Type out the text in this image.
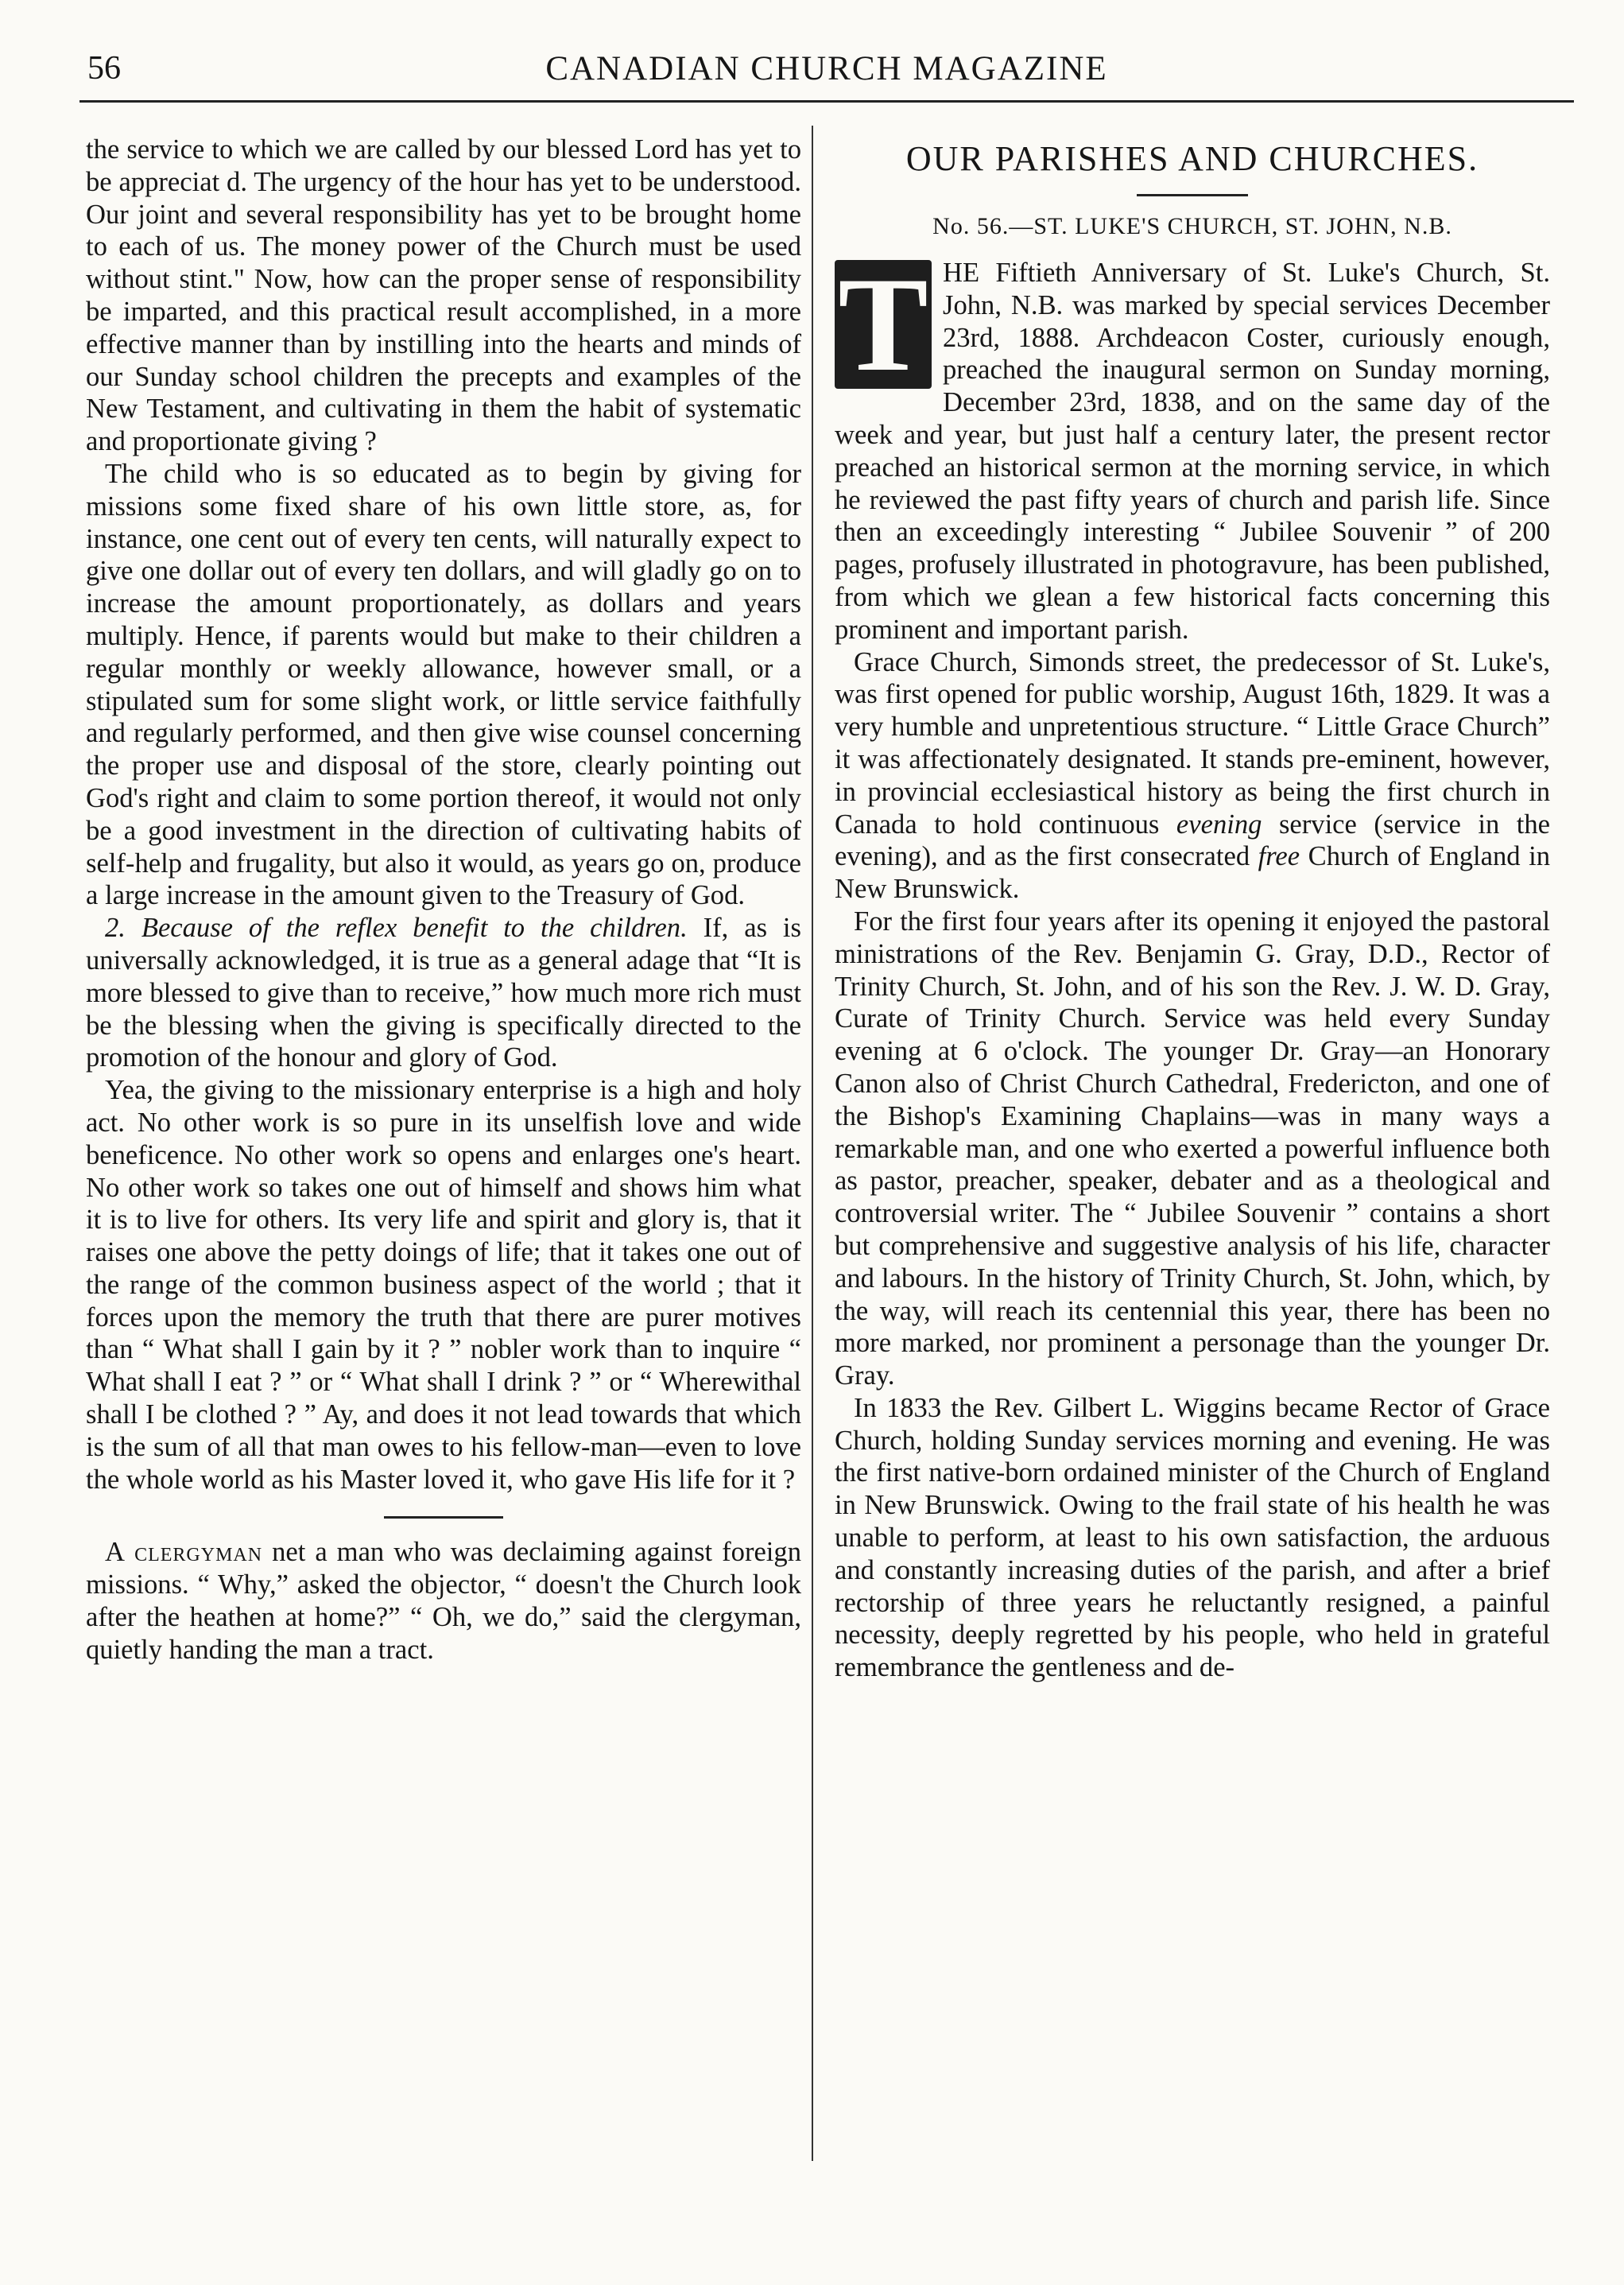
56	CANADIAN CHURCH MAGAZINE

the service to which we are called by our blessed Lord has yet to be appreciat d. The urgency of the hour has yet to be understood. Our joint and several responsibility has yet to be brought home to each of us. The money power of the Church must be used without stint." Now, how can the proper sense of responsibility be imparted, and this practical result accomplished, in a more effective manner than by instilling into the hearts and minds of our Sunday school children the precepts and examples of the New Testament, and cultivating in them the habit of systematic and proportionate giving ?

The child who is so educated as to begin by giving for missions some fixed share of his own little store, as, for instance, one cent out of every ten cents, will naturally expect to give one dollar out of every ten dollars, and will gladly go on to increase the amount proportionately, as dollars and years multiply. Hence, if parents would but make to their children a regular monthly or weekly allowance, however small, or a stipulated sum for some slight work, or little service faithfully and regularly performed, and then give wise counsel concerning the proper use and disposal of the store, clearly pointing out God's right and claim to some portion thereof, it would not only be a good investment in the direction of cultivating habits of self-help and frugality, but also it would, as years go on, produce a large increase in the amount given to the Treasury of God.

2. Because of the reflex benefit to the children. If, as is universally acknowledged, it is true as a general adage that “It is more blessed to give than to receive,” how much more rich must be the blessing when the giving is specifically directed to the promotion of the honour and glory of God.

Yea, the giving to the missionary enterprise is a high and holy act. No other work is so pure in its unselfish love and wide beneficence. No other work so opens and enlarges one's heart. No other work so takes one out of himself and shows him what it is to live for others. Its very life and spirit and glory is, that it raises one above the petty doings of life; that it takes one out of the range of the common business aspect of the world ; that it forces upon the memory the truth that there are purer motives than “ What shall I gain by it ? ” nobler work than to inquire “ What shall I eat ? ” or “ What shall I drink ? ” or “ Wherewithal shall I be clothed ? ” Ay, and does it not lead towards that which is the sum of all that man owes to his fellow-man—even to love the whole world as his Master loved it, who gave His life for it ?

A clergyman net a man who was declaiming against foreign missions. “ Why,” asked the objector, “ doesn't the Church look after the heathen at home?” “ Oh, we do,” said the clergyman, quietly handing the man a tract.

OUR PARISHES AND CHURCHES.
No. 56.—ST. LUKE'S CHURCH, ST. JOHN, N.B.

T HE Fiftieth Anniversary of St. Luke's Church, St. John, N.B. was marked by special services December 23rd, 1888. Archdeacon Coster, curiously enough, preached the inaugural sermon on Sunday morning, December 23rd, 1838, and on the same day of the week and year, but just half a century later, the present rector preached an historical sermon at the morning service, in which he reviewed the past fifty years of church and parish life. Since then an exceedingly interesting “ Jubilee Souvenir ” of 200 pages, profusely illustrated in photogravure, has been published, from which we glean a few historical facts concerning this prominent and important parish.

Grace Church, Simonds street, the predecessor of St. Luke's, was first opened for public worship, August 16th, 1829. It was a very humble and unpretentious structure. “ Little Grace Church” it was affectionately designated. It stands pre-eminent, however, in provincial ecclesiastical history as being the first church in Canada to hold continuous evening service (service in the evening), and as the first consecrated free Church of England in New Brunswick.

For the first four years after its opening it enjoyed the pastoral ministrations of the Rev. Benjamin G. Gray, D.D., Rector of Trinity Church, St. John, and of his son the Rev. J. W. D. Gray, Curate of Trinity Church. Service was held every Sunday evening at 6 o'clock. The younger Dr. Gray—an Honorary Canon also of Christ Church Cathedral, Fredericton, and one of the Bishop's Examining Chaplains—was in many ways a remarkable man, and one who exerted a powerful influence both as pastor, preacher, speaker, debater and as a theological and controversial writer. The “ Jubilee Souvenir ” contains a short but comprehensive and suggestive analysis of his life, character and labours. In the history of Trinity Church, St. John, which, by the way, will reach its centennial this year, there has been no more marked, nor prominent a personage than the younger Dr. Gray.

In 1833 the Rev. Gilbert L. Wiggins became Rector of Grace Church, holding Sunday services morning and evening. He was the first native-born ordained minister of the Church of England in New Brunswick. Owing to the frail state of his health he was unable to perform, at least to his own satisfaction, the arduous and constantly increasing duties of the parish, and after a brief rectorship of three years he reluctantly resigned, a painful necessity, deeply regretted by his people, who held in grateful remembrance the gentleness and de-
